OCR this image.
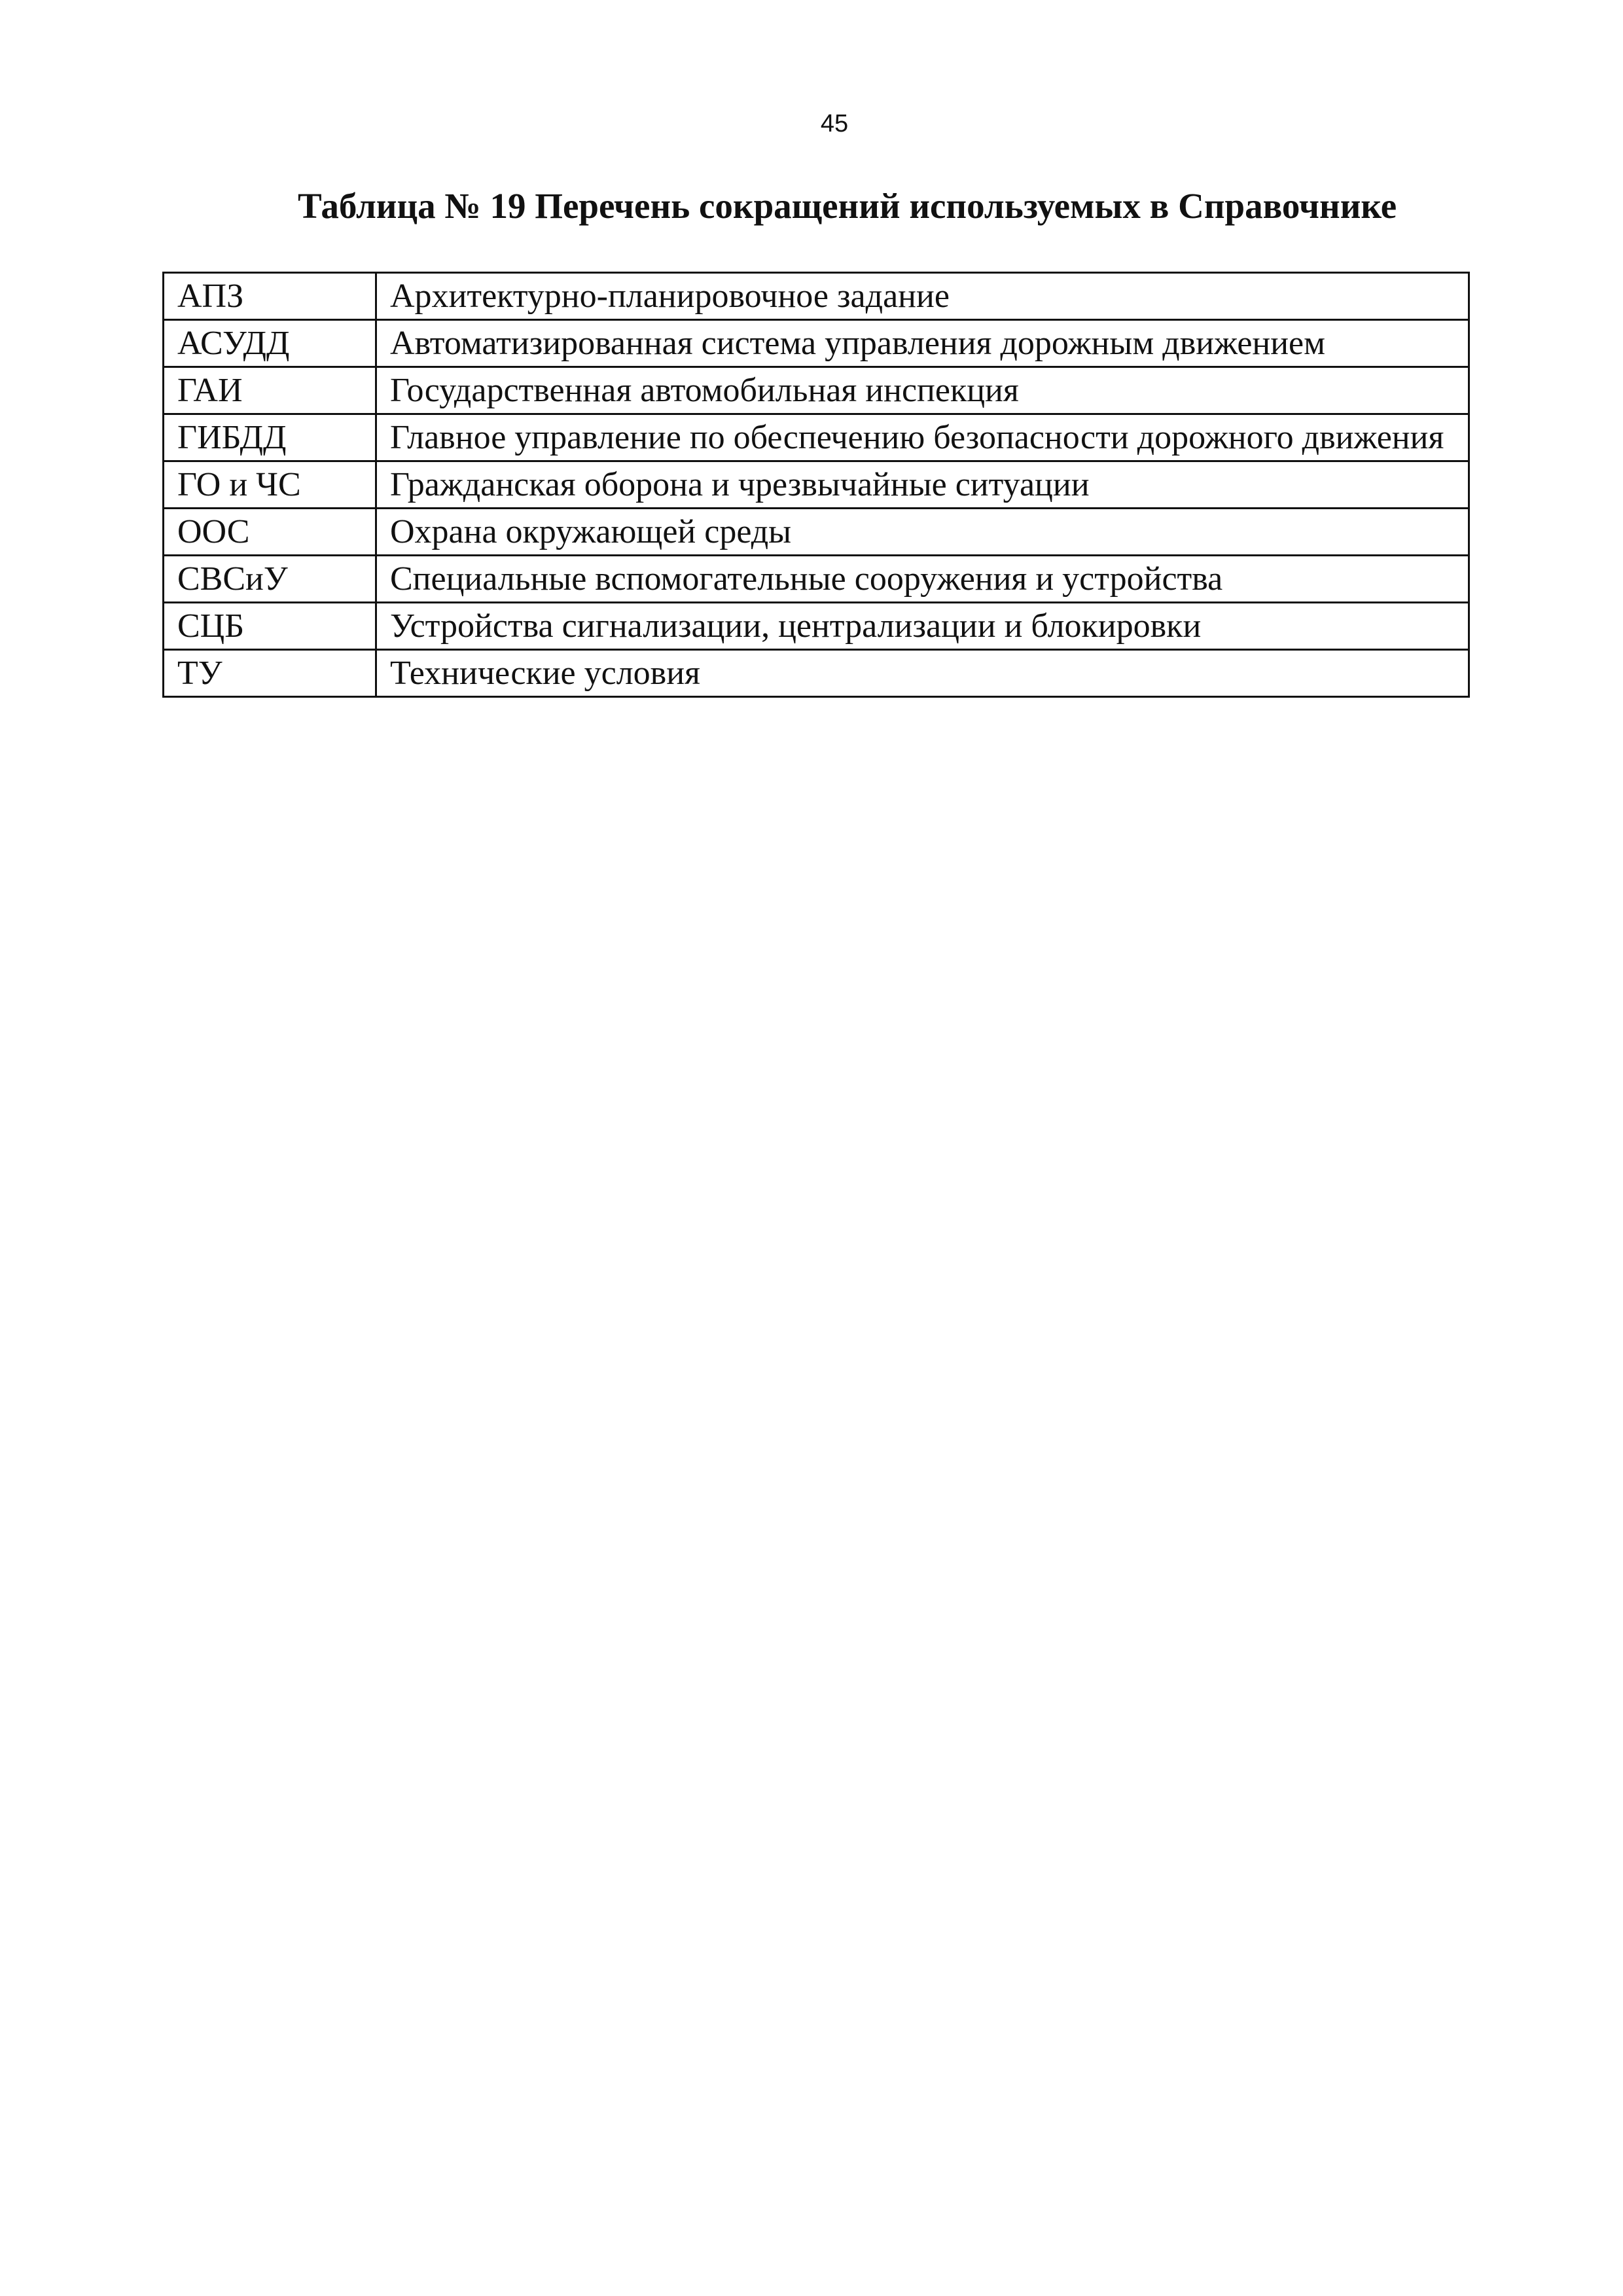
45
Таблица № 19 Перечень сокращений используемых в Справочнике
АПЗ	Архитектурно-планировочное задание
АСУДД	Автоматизированная система управления дорожным движением
ГАИ	Государственная автомобильная инспекция
ГИБДД	Главное управление по обеспечению безопасности дорожного движения
ГО и ЧС	Гражданская оборона и чрезвычайные ситуации
ООС	Охрана окружающей среды
СВСиУ	Специальные вспомогательные сооружения и устройства
СЦБ	Устройства сигнализации, централизации и блокировки
ТУ	Технические условия
